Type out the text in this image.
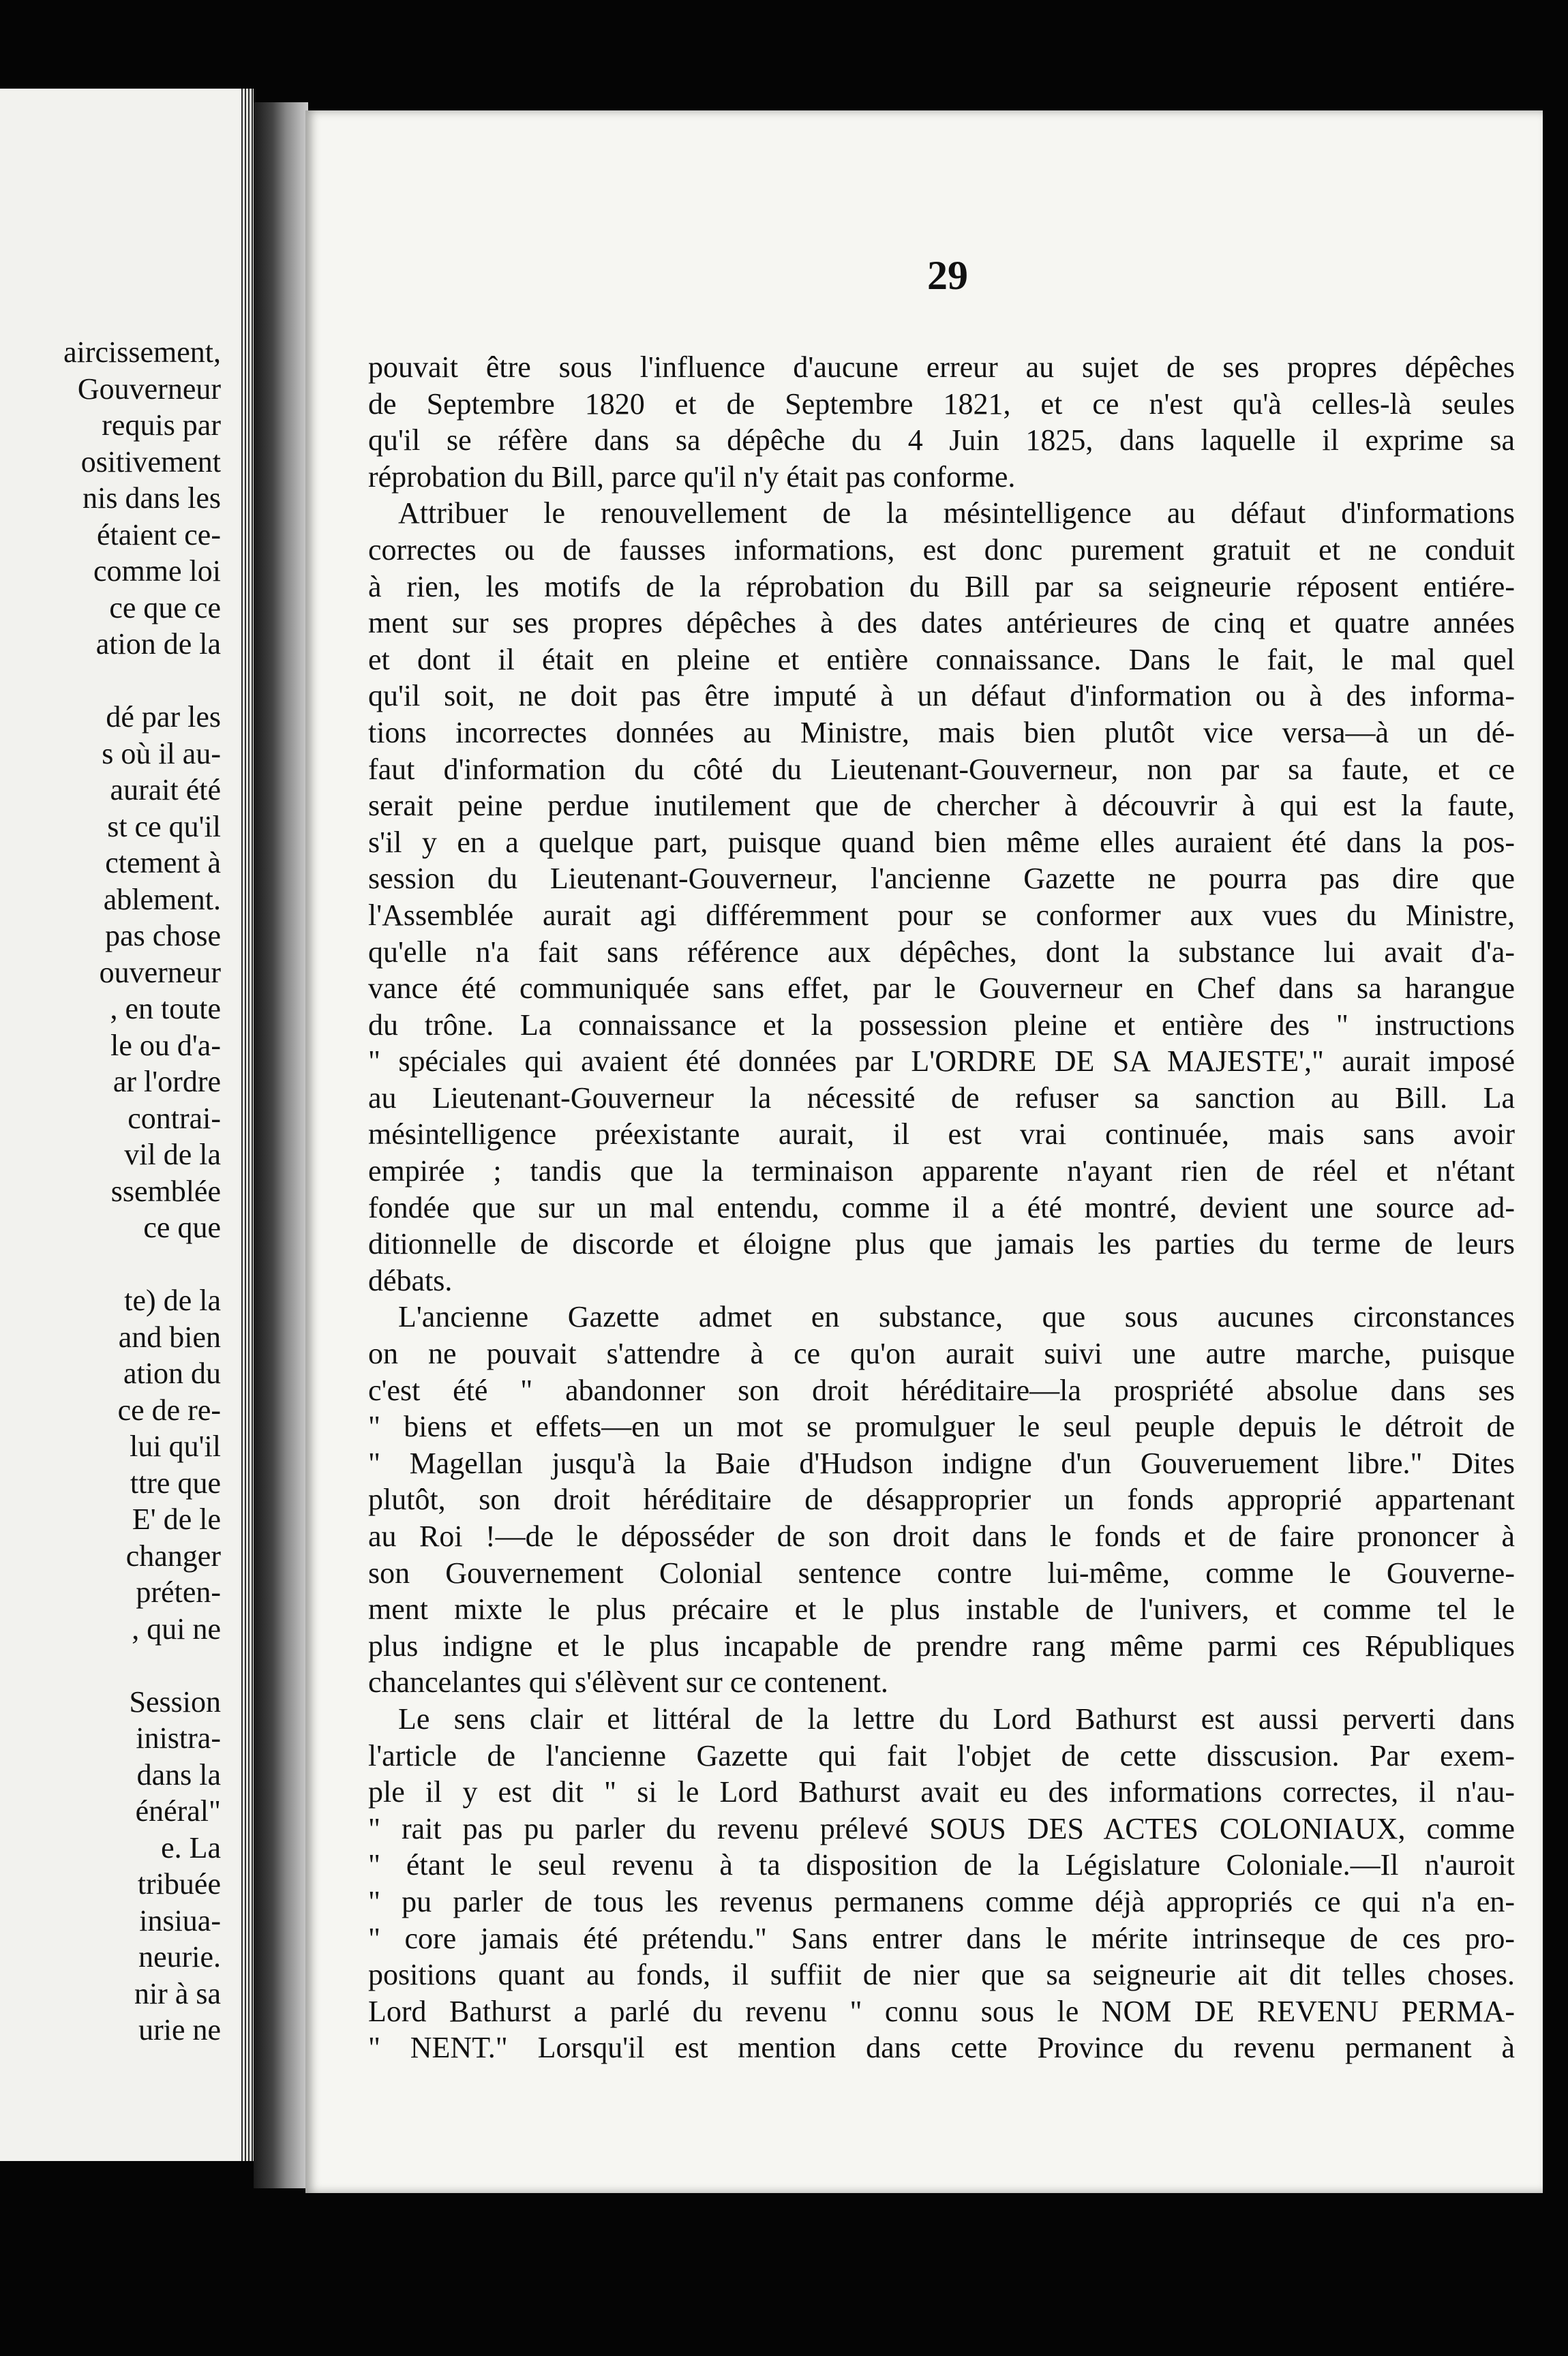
aircissement,
Gouverneur
requis par
ositivement
nis dans les
étaient ce-
comme loi
ce que ce
ation de la
dé par les
s où il au-
aurait été
st ce qu'il
ctement à
ablement.
pas chose
ouverneur
, en toute
le ou d'a-
ar l'ordre
contrai-
vil de la
ssemblée
ce que
te) de la
and bien
ation du
ce de re-
lui qu'il
ttre que
E' de le
changer
préten-
, qui ne
Session
inistra-
dans la
énéral"
e. La
tribuée
insiua-
neurie.
nir à sa
urie ne
29
pouvait être sous l'influence d'aucune erreur au sujet de ses propres dépêches
de Septembre 1820 et de Septembre 1821, et ce n'est qu'à celles-là seules
qu'il se réfère dans sa dépêche du 4 Juin 1825, dans laquelle il exprime sa
réprobation du Bill, parce qu'il n'y était pas conforme.
Attribuer le renouvellement de la mésintelligence au défaut d'informations
correctes ou de fausses informations, est donc purement gratuit et ne conduit
à rien, les motifs de la réprobation du Bill par sa seigneurie réposent entiére-
ment sur ses propres dépêches à des dates antérieures de cinq et quatre années
et dont il était en pleine et entière connaissance. Dans le fait, le mal quel
qu'il soit, ne doit pas être imputé à un défaut d'information ou à des informa-
tions incorrectes données au Ministre, mais bien plutôt vice versa—à un dé-
faut d'information du côté du Lieutenant-Gouverneur, non par sa faute, et ce
serait peine perdue inutilement que de chercher à découvrir à qui est la faute,
s'il y en a quelque part, puisque quand bien même elles auraient été dans la pos-
session du Lieutenant-Gouverneur, l'ancienne Gazette ne pourra pas dire que
l'Assemblée aurait agi différemment pour se conformer aux vues du Ministre,
qu'elle n'a fait sans référence aux dépêches, dont la substance lui avait d'a-
vance été communiquée sans effet, par le Gouverneur en Chef dans sa harangue
du trône. La connaissance et la possession pleine et entière des " instructions
" spéciales qui avaient été données par L'ORDRE DE SA MAJESTE'," aurait imposé
au Lieutenant-Gouverneur la nécessité de refuser sa sanction au Bill. La
mésintelligence préexistante aurait, il est vrai continuée, mais sans avoir
empirée ; tandis que la terminaison apparente n'ayant rien de réel et n'étant
fondée que sur un mal entendu, comme il a été montré, devient une source ad-
ditionnelle de discorde et éloigne plus que jamais les parties du terme de leurs
débats.
L'ancienne Gazette admet en substance, que sous aucunes circonstances
on ne pouvait s'attendre à ce qu'on aurait suivi une autre marche, puisque
c'est été " abandonner son droit héréditaire—la prospriété absolue dans ses
" biens et effets—en un mot se promulguer le seul peuple depuis le détroit de
" Magellan jusqu'à la Baie d'Hudson indigne d'un Gouveruement libre." Dites
plutôt, son droit héréditaire de désapproprier un fonds approprié appartenant
au Roi !—de le déposséder de son droit dans le fonds et de faire prononcer à
son Gouvernement Colonial sentence contre lui-même, comme le Gouverne-
ment mixte le plus précaire et le plus instable de l'univers, et comme tel le
plus indigne et le plus incapable de prendre rang même parmi ces Républiques
chancelantes qui s'élèvent sur ce contenent.
Le sens clair et littéral de la lettre du Lord Bathurst est aussi perverti dans
l'article de l'ancienne Gazette qui fait l'objet de cette disscusion. Par exem-
ple il y est dit " si le Lord Bathurst avait eu des informations correctes, il n'au-
" rait pas pu parler du revenu prélevé SOUS DES ACTES COLONIAUX, comme
" étant le seul revenu à ta disposition de la Législature Coloniale.—Il n'auroit
" pu parler de tous les revenus permanens comme déjà appropriés ce qui n'a en-
" core jamais été prétendu." Sans entrer dans le mérite intrinseque de ces pro-
positions quant au fonds, il suffiit de nier que sa seigneurie ait dit telles choses.
Lord Bathurst a parlé du revenu " connu sous le NOM DE REVENU PERMA-
" NENT." Lorsqu'il est mention dans cette Province du revenu permanent à
